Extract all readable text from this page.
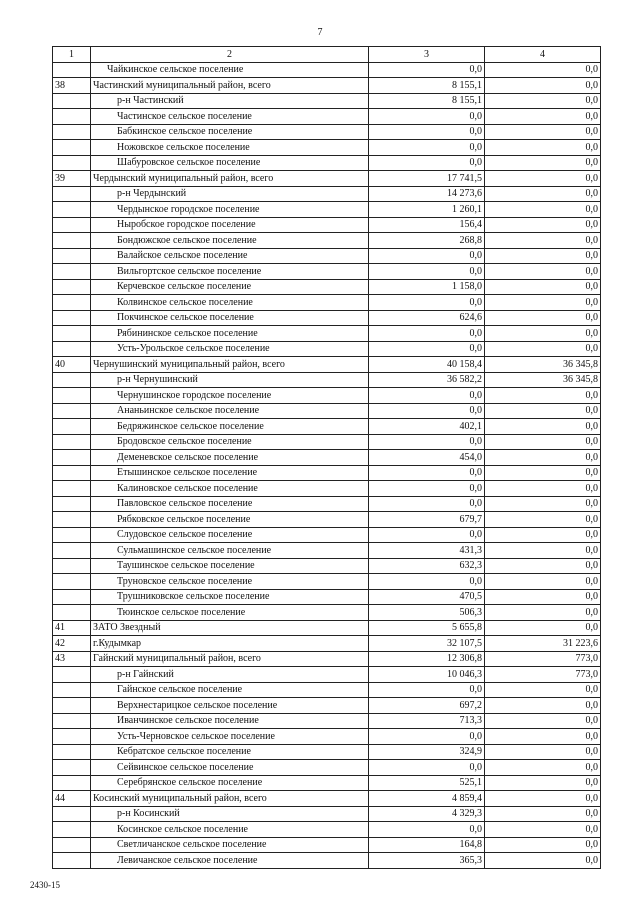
7
1	2	3	4
	Чайкинское сельское поселение	0,0	0,0
38	Частинский муниципальный район, всего	8 155,1	0,0
	р-н Частинский	8 155,1	0,0
	Частинское сельское поселение	0,0	0,0
	Бабкинское сельское поселение	0,0	0,0
	Ножовское сельское поселение	0,0	0,0
	Шабуровское сельское поселение	0,0	0,0
39	Чердынский муниципальный район, всего	17 741,5	0,0
	р-н Чердынский	14 273,6	0,0
	Чердынское городское поселение	1 260,1	0,0
	Ныробское городское поселение	156,4	0,0
	Бондюжское сельское поселение	268,8	0,0
	Валайское сельское поселение	0,0	0,0
	Вильгортское сельское поселение	0,0	0,0
	Керчевское сельское поселение	1 158,0	0,0
	Колвинское сельское поселение	0,0	0,0
	Покчинское сельское поселение	624,6	0,0
	Рябининское сельское поселение	0,0	0,0
	Усть-Урольское сельское поселение	0,0	0,0
40	Чернушинский муниципальный район, всего	40 158,4	36 345,8
	р-н Чернушинский	36 582,2	36 345,8
	Чернушинское городское поселение	0,0	0,0
	Ананьинское сельское поселение	0,0	0,0
	Бедряжинское сельское поселение	402,1	0,0
	Бродовское сельское поселение	0,0	0,0
	Деменевское сельское поселение	454,0	0,0
	Етышинское сельское поселение	0,0	0,0
	Калиновское сельское поселение	0,0	0,0
	Павловское сельское поселение	0,0	0,0
	Рябковское сельское поселение	679,7	0,0
	Слудовское сельское поселение	0,0	0,0
	Сульмашинское сельское поселение	431,3	0,0
	Таушинское сельское поселение	632,3	0,0
	Труновское сельское поселение	0,0	0,0
	Трушниковское сельское поселение	470,5	0,0
	Тюинское сельское поселение	506,3	0,0
41	ЗАТО Звездный	5 655,8	0,0
42	г.Кудымкар	32 107,5	31 223,6
43	Гайнский муниципальный район, всего	12 306,8	773,0
	р-н Гайнский	10 046,3	773,0
	Гайнское сельское поселение	0,0	0,0
	Верхнестарицкое сельское поселение	697,2	0,0
	Иванчинское сельское поселение	713,3	0,0
	Усть-Черновское сельское поселение	0,0	0,0
	Кебратское сельское поселение	324,9	0,0
	Сейвинское сельское поселение	0,0	0,0
	Серебрянское сельское поселение	525,1	0,0
44	Косинский муниципальный район, всего	4 859,4	0,0
	р-н Косинский	4 329,3	0,0
	Косинское сельское поселение	0,0	0,0
	Светличанское сельское поселение	164,8	0,0
	Левичанское сельское поселение	365,3	0,0
2430-15
